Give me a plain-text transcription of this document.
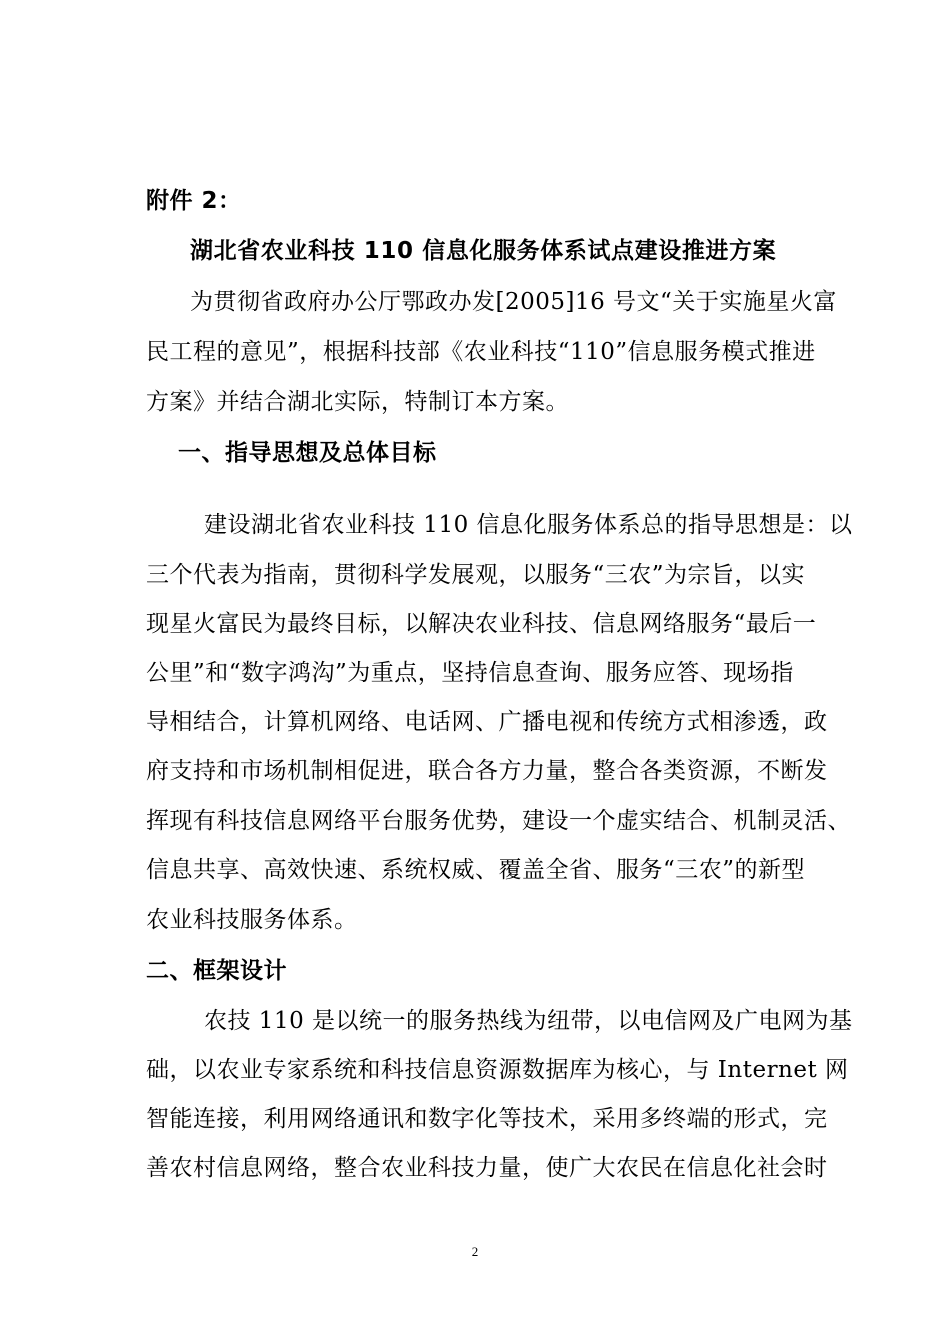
附件 2：
湖北省农业科技 110 信息化服务体系试点建设推进方案
为贯彻省政府办公厅鄂政办发[2005]16 号文“关于实施星火富
民工程的意见”，根据科技部《农业科技“110”信息服务模式推进
方案》并结合湖北实际，特制订本方案。
一、指导思想及总体目标
建设湖北省农业科技 110 信息化服务体系总的指导思想是：以
三个代表为指南，贯彻科学发展观，以服务“三农”为宗旨，以实
现星火富民为最终目标，以解决农业科技、信息网络服务“最后一
公里”和“数字鸿沟”为重点，坚持信息查询、服务应答、现场指
导相结合，计算机网络、电话网、广播电视和传统方式相渗透，政
府支持和市场机制相促进，联合各方力量，整合各类资源，不断发
挥现有科技信息网络平台服务优势，建设一个虚实结合、机制灵活、
信息共享、高效快速、系统权威、覆盖全省、服务“三农”的新型
农业科技服务体系。
二、框架设计
农技 110 是以统一的服务热线为纽带，以电信网及广电网为基
础，以农业专家系统和科技信息资源数据库为核心，与 Internet 网
智能连接，利用网络通讯和数字化等技术，采用多终端的形式，完
善农村信息网络，整合农业科技力量，使广大农民在信息化社会时
2
